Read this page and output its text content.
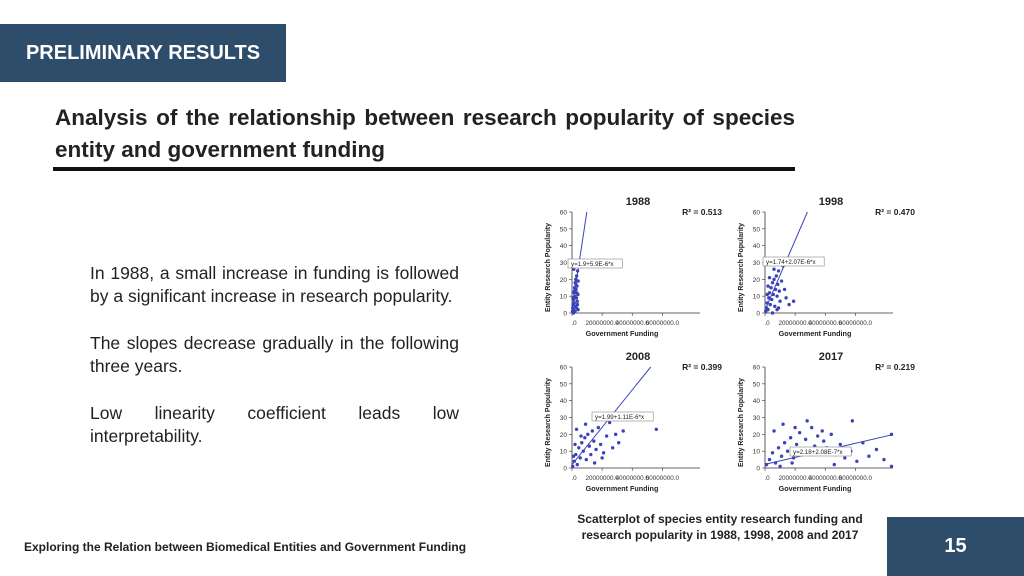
PRELIMINARY RESULTS
Analysis of the relationship between research popularity of species entity and government funding

In 1988, a small increase in funding is followed by a significant increase in research popularity.

The slopes decrease gradually in the following three years.

Low linearity coefficient leads low

interpretability.

1988
R² = 0.513
0
10
20
30
40
50
60
.0 20000000.0
40000000.0
60000000.0
Government Funding
Entity Research Popularity	y=1.9+5.9E-6*x
1998
R² = 0.470
0
10
20
30
40
50
60
.0 20000000.0
40000000.0
60000000.0
Government Funding
Entity Research Popularity	y=1.74+2.07E-6*x
2008
R² = 0.399
0
10
20
30
40
50
60
.0 20000000.0
40000000.0
60000000.0
Government Funding
Entity Research Popularity	y=1.99+1.11E-6*x
2017
R² = 0.219
0
10
20
30
40
50
60
.0 20000000.0
40000000.0
60000000.0
Government Funding
Entity Research Popularity	y=2.18+2.08E-7*x
Scatterplot of species entity research funding and research popularity in 1988, 1998, 2008 and 2017
Exploring the Relation between Biomedical Entities and Government Funding	15
